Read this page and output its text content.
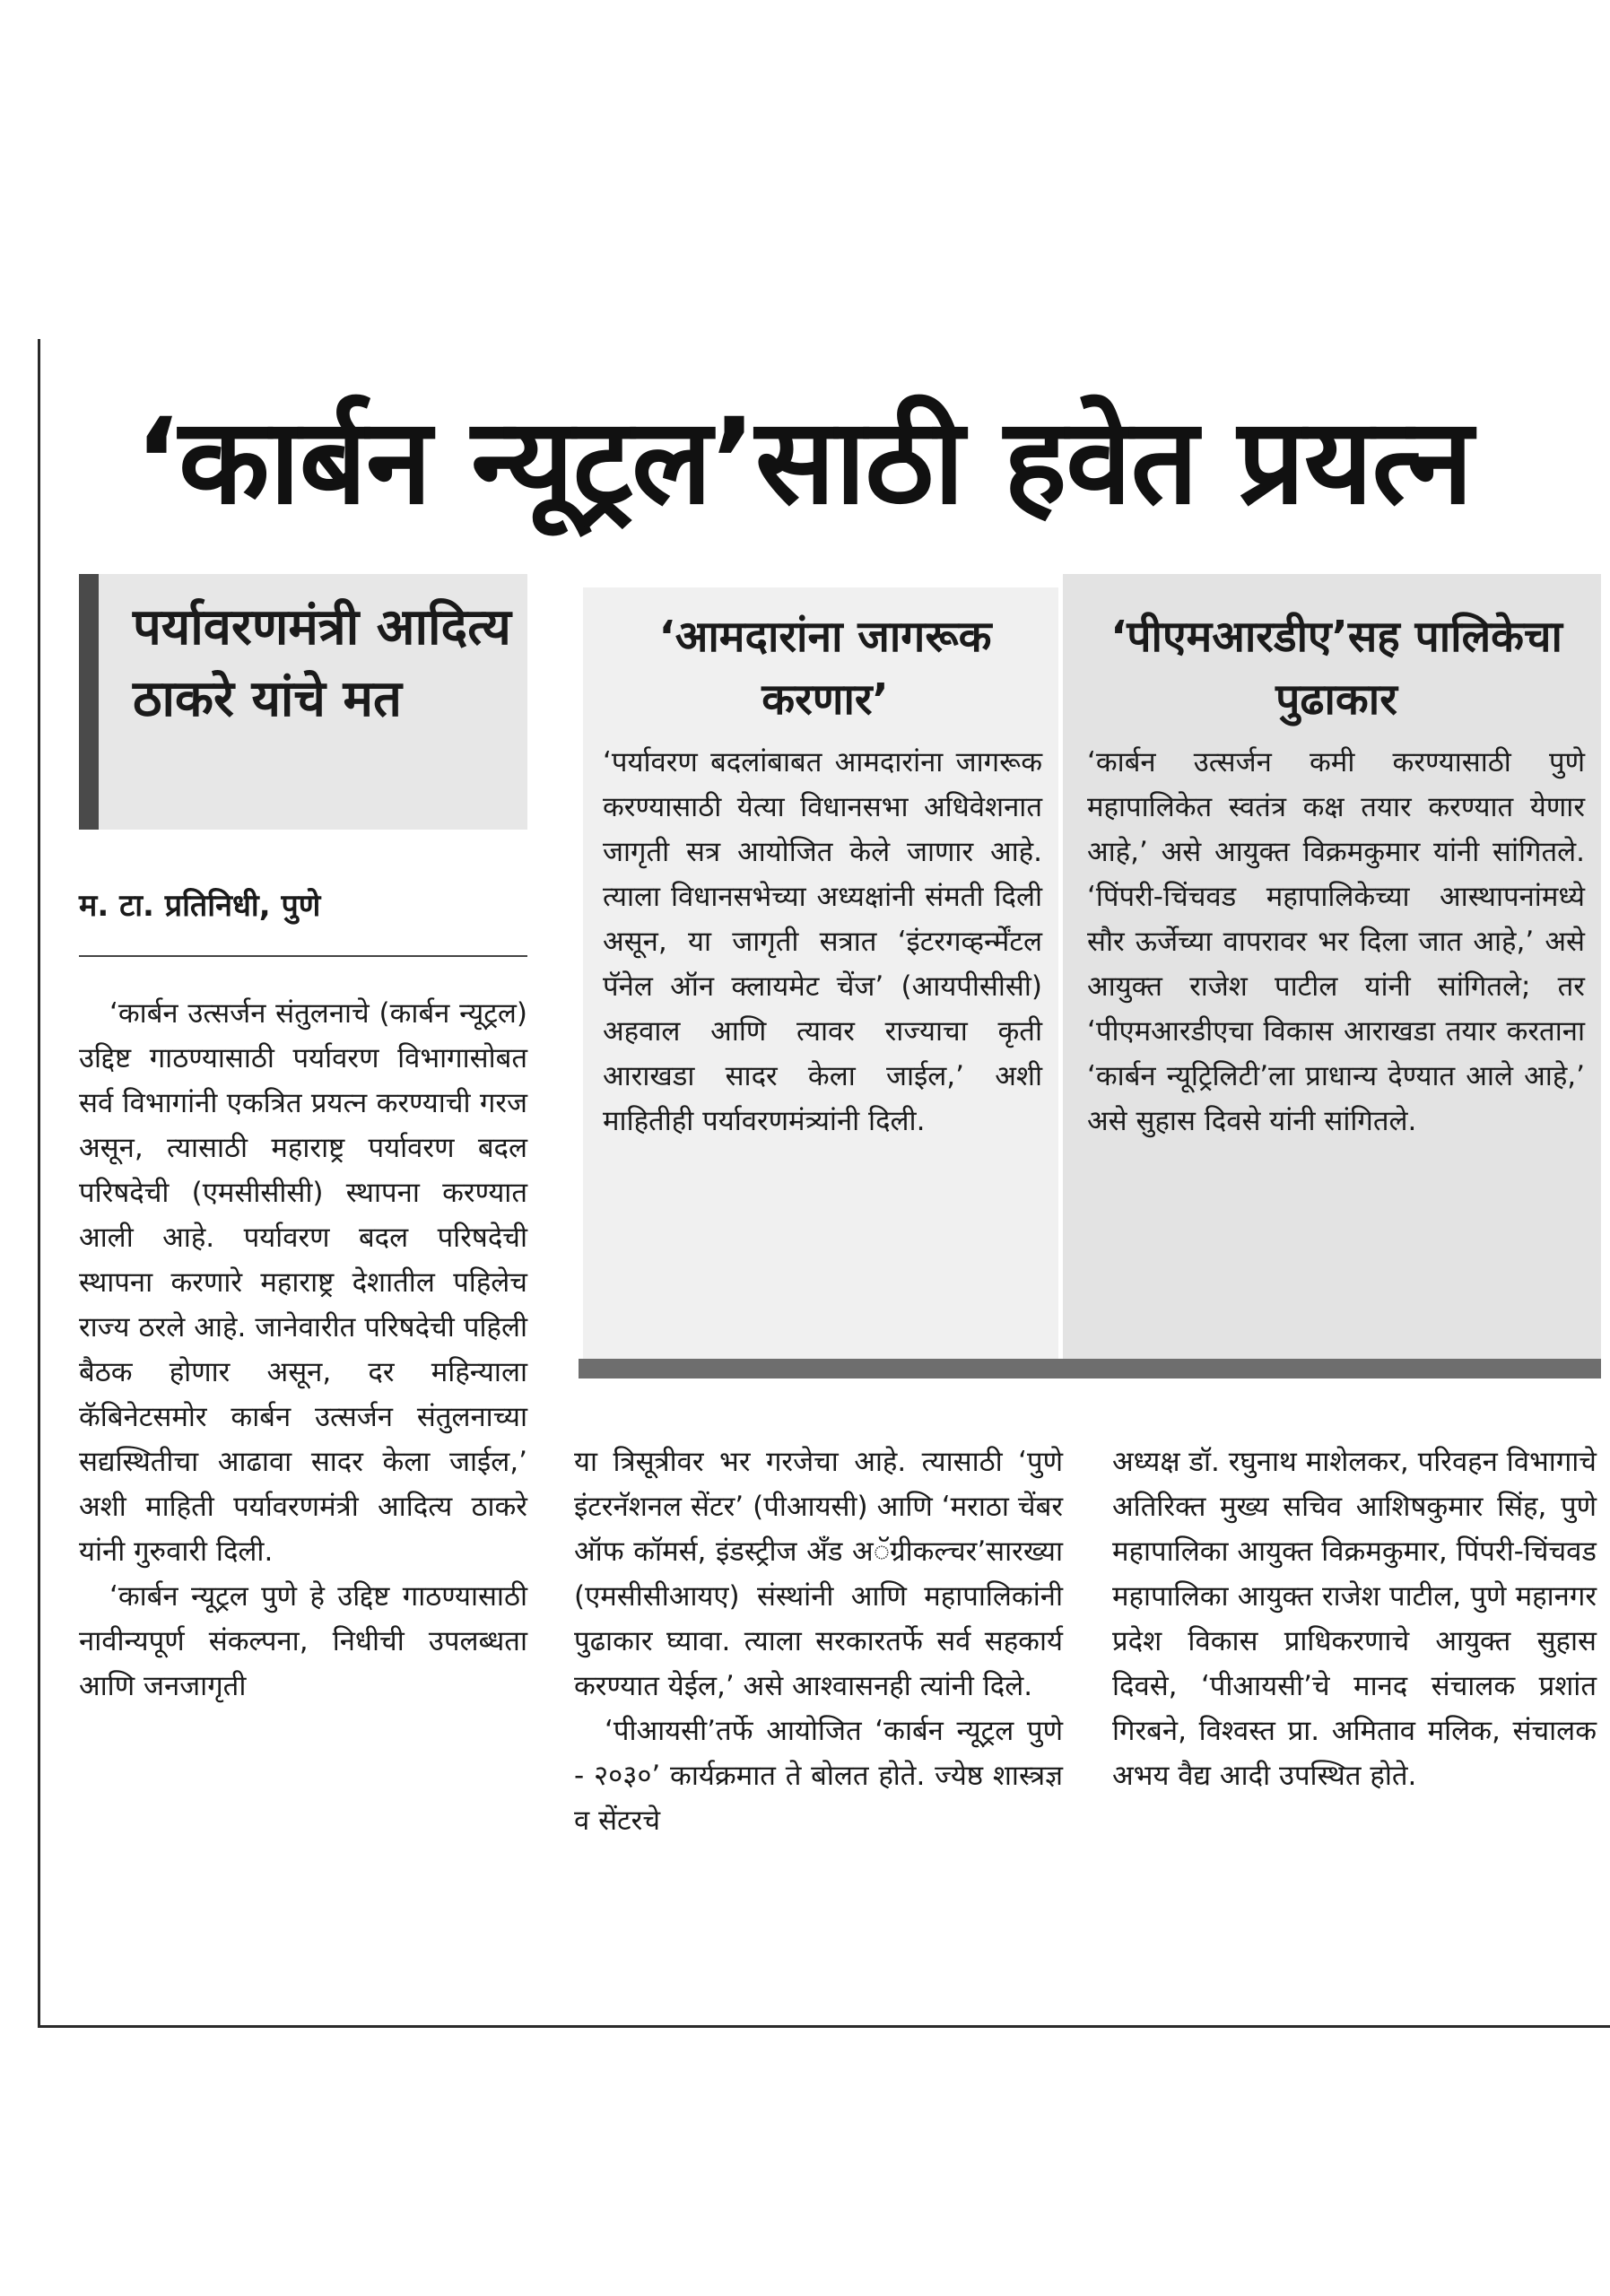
‘कार्बन न्यूट्रल’साठी हवेत प्रयत्न
पर्यावरणमंत्री आदित्य ठाकरे यांचे मत
म. टा. प्रतिनिधी, पुणे

‘कार्बन उत्सर्जन संतुलनाचे (कार्बन न्यूट्रल) उद्दिष्ट गाठण्यासाठी पर्यावरण विभागासोबत सर्व विभागांनी एकत्रित प्रयत्न करण्याची गरज असून, त्यासाठी महाराष्ट्र पर्यावरण बदल परिषदेची (एमसीसीसी) स्थापना करण्यात आली आहे. पर्यावरण बदल परिषदेची स्थापना करणारे महाराष्ट्र देशातील पहिलेच राज्य ठरले आहे. जानेवारीत परिषदेची पहिली बैठक होणार असून, दर महिन्याला कॅबिनेटसमोर कार्बन उत्सर्जन संतुलनाच्या सद्यस्थितीचा आढावा सादर केला जाईल,’ अशी माहिती पर्यावरणमंत्री आदित्य ठाकरे यांनी गुरुवारी दिली.

‘कार्बन न्यूट्रल पुणे हे उद्दिष्ट गाठण्यासाठी नावीन्यपूर्ण संकल्पना, निधीची उपलब्धता आणि जनजागृती

‘आमदारांना जागरूक करणार’

‘पर्यावरण बदलांबाबत आमदारांना जागरूक करण्यासाठी येत्या विधानसभा अधिवेशनात जागृती सत्र आयोजित केले जाणार आहे. त्याला विधानसभेच्या अध्यक्षांनी संमती दिली असून, या जागृती सत्रात ‘इंटरगव्हर्न्मेंटल पॅनेल ऑन क्लायमेट चेंज’ (आयपीसीसी) अहवाल आणि त्यावर राज्याचा कृती आराखडा सादर केला जाईल,’ अशी माहितीही पर्यावरणमंत्र्यांनी दिली.

‘पीएमआरडीए’सह पालिकेचा पुढाकार

‘कार्बन उत्सर्जन कमी करण्यासाठी पुणे महापालिकेत स्वतंत्र कक्ष तयार करण्यात येणार आहे,’ असे आयुक्त विक्रमकुमार यांनी सांगितले. ‘पिंपरी-चिंचवड महापालिकेच्या आस्थापनांमध्ये सौर ऊर्जेच्या वापरावर भर दिला जात आहे,’ असे आयुक्त राजेश पाटील यांनी सांगितले; तर ‘पीएमआरडीएचा विकास आराखडा तयार करताना ‘कार्बन न्यूट्रिलिटी’ला प्राधान्य देण्यात आले आहे,’ असे सुहास दिवसे यांनी सांगितले.

या त्रिसूत्रीवर भर गरजेचा आहे. त्यासाठी ‘पुणे इंटरनॅशनल सेंटर’ (पीआयसी) आणि ‘मराठा चेंबर ऑफ कॉमर्स, इंडस्ट्रीज अँड अॅग्रीकल्चर’सारख्या (एमसीसीआयए) संस्थांनी आणि महापालिकांनी पुढाकार घ्यावा. त्याला सरकारतर्फे सर्व सहकार्य करण्यात येईल,’ असे आश्वासनही त्यांनी दिले.

‘पीआयसी’तर्फे आयोजित ‘कार्बन न्यूट्रल पुणे - २०३०’ कार्यक्रमात ते बोलत होते. ज्येष्ठ शास्त्रज्ञ व सेंटरचे

अध्यक्ष डॉ. रघुनाथ माशेलकर, परिवहन विभागाचे अतिरिक्त मुख्य सचिव आशिषकुमार सिंह, पुणे महापालिका आयुक्त विक्रमकुमार, पिंपरी-चिंचवड महापालिका आयुक्त राजेश पाटील, पुणे महानगर प्रदेश विकास प्राधिकरणाचे आयुक्त सुहास दिवसे, ‘पीआयसी’चे मानद संचालक प्रशांत गिरबने, विश्वस्त प्रा. अमिताव मलिक, संचालक अभय वैद्य आदी उपस्थित होते.
